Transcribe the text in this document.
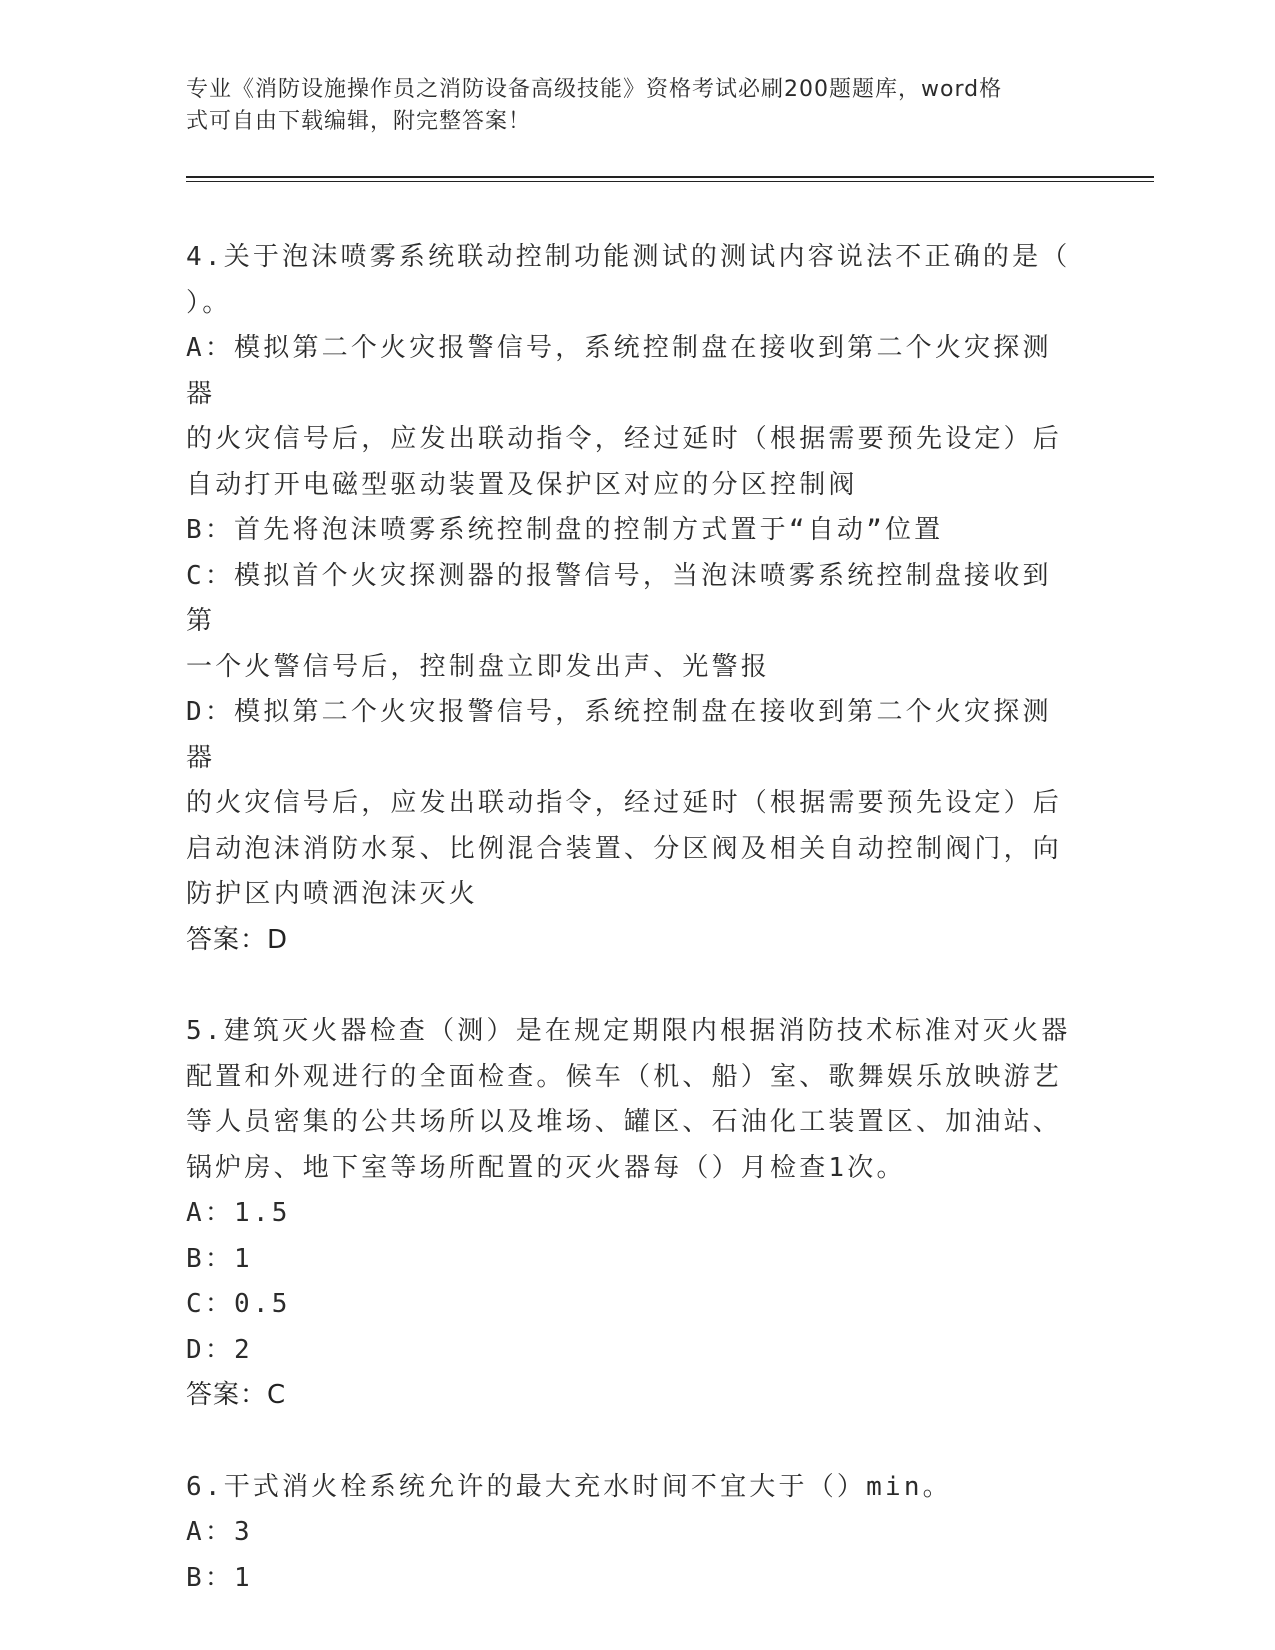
专业《消防设施操作员之消防设备高级技能》资格考试必刷200题题库，word格

式可自由下载编辑，附完整答案！

4.关于泡沫喷雾系统联动控制功能测试的测试内容说法不正确的是（

）。

A：模拟第二个火灾报警信号，系统控制盘在接收到第二个火灾探测器

的火灾信号后，应发出联动指令，经过延时（根据需要预先设定）后

自动打开电磁型驱动装置及保护区对应的分区控制阀

B：首先将泡沫喷雾系统控制盘的控制方式置于“自动”位置

C：模拟首个火灾探测器的报警信号，当泡沫喷雾系统控制盘接收到第

一个火警信号后，控制盘立即发出声、光警报

D：模拟第二个火灾报警信号，系统控制盘在接收到第二个火灾探测器

的火灾信号后，应发出联动指令，经过延时（根据需要预先设定）后

启动泡沫消防水泵、比例混合装置、分区阀及相关自动控制阀门，向

防护区内喷洒泡沫灭火

答案：D

5.建筑灭火器检查（测）是在规定期限内根据消防技术标准对灭火器

配置和外观进行的全面检查。候车（机、船）室、歌舞娱乐放映游艺

等人员密集的公共场所以及堆场、罐区、石油化工装置区、加油站、

锅炉房、地下室等场所配置的灭火器每（）月检查1次。

A：1.5

B：1

C：0.5

D：2

答案：C

6.干式消火栓系统允许的最大充水时间不宜大于（）min。

A：3

B：1
